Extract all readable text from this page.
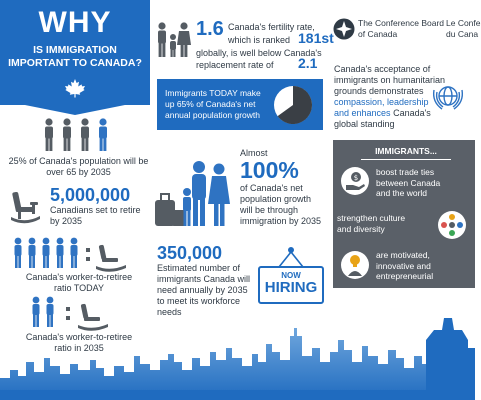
WHY
IS IMMIGRATION
IMPORTANT TO CANADA?
25% of Canada's population will be
over 65 by 2035
5,000,000
Canadians set to retire
by 2035
Canada's worker-to-retiree
ratio TODAY
Canada's worker-to-retiree
ratio in 2035
1.6 Canada's fertility rate,
which is ranked 181st
globally, is well below Canada's
replacement rate of 2.1
Immigrants TODAY make
up 65% of Canada's net
annual population growth
Almost
100%
of Canada's net
population growth
will be through
immigration by 2035
350,000
Estimated number of
immigrants Canada will
need annually by 2035
to meet its workforce
needs
NOW
HIRING
The Conference Board
of Canada
Le Confe
du Cana
Canada's acceptance of
immigrants on humanitarian
grounds demonstrates
compassion, leadership
and enhances Canada's
global standing
IMMIGRANTS...
$
boost trade ties
between Canada
and the world
strengthen culture
and diversity
are motivated,
innovative and
entrepreneurial
